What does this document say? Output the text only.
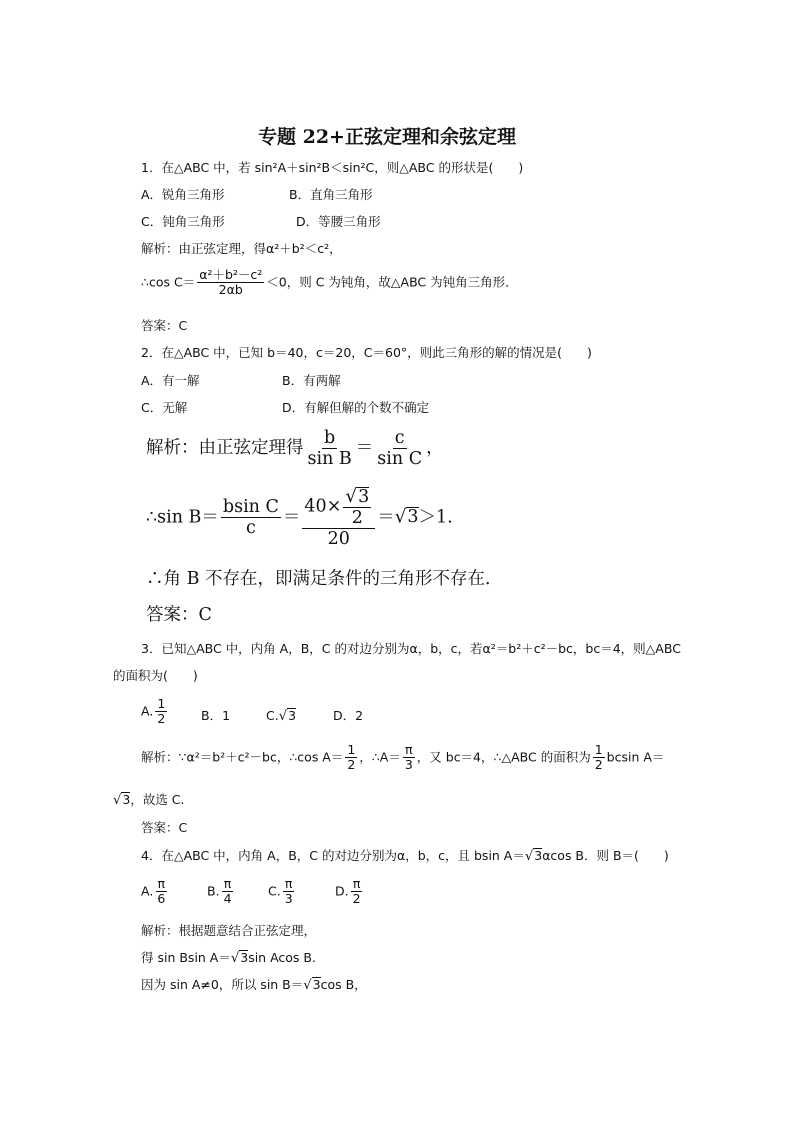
专题 22+正弦定理和余弦定理
1．在△ABC 中，若 sin²A＋sin²B＜sin²C，则△ABC 的形状是(　　)
A．锐角三角形	B．直角三角形
C．钝角三角形	D．等腰三角形
解析：由正弦定理，得α²＋b²＜c²，
∴cos $C= \frac{\text{α²＋b²－c²}}{2\alpha b} <0$，则 C 为钝角，故△ABC 为钝角三角形．
答案：C
2．在△ABC 中，已知 b＝40，c＝20，C＝60°，则此三角形的解的情况是(　　)
A．有一解	B．有两解
C．无解	D．有解但解的个数不确定
解析：由正弦定理得 $\frac{b}{\text{sin B}} = \frac{c}{\text{sin C}}$ ，
∴sin $B= \frac{\text{bsin C}}{c} = \frac{40\times \frac{√3}{2}}{20} =√3>1$.
∴角 B 不存在，即满足条件的三角形不存在．
答案：C
3．已知△ABC 中，内角 A，B，C 的对边分别为α，b，c，若α²＝b²＋c²－bc，bc＝4，则△ABC
的面积为(　　)
A. $\frac{1}{2}$	B．1	C.√3	D．2
解析：∵α²＝b²＋c²－bc，∴cos $A= \frac{1}{2}$ ，∴A＝ $\frac{\pi}{3}$ ，又 bc＝4，∴△ABC 的面积为 $\frac{1}{2}$ bcsin A＝
√3，故选 C.
答案：C
4．在△ABC 中，内角 A，B，C 的对边分别为α，b，c，且 bsin A＝√3αcos B．则 B＝(　　)
A. $\frac{\pi}{6}$	B. $\frac{\pi}{4}$	C. $\frac{\pi}{3}$	D. $\frac{\pi}{2}$
解析：根据题意结合正弦定理，
得 sin Bsin A＝√3sin Acos B.
因为 sin A≠0，所以 sin B＝√3cos B，
